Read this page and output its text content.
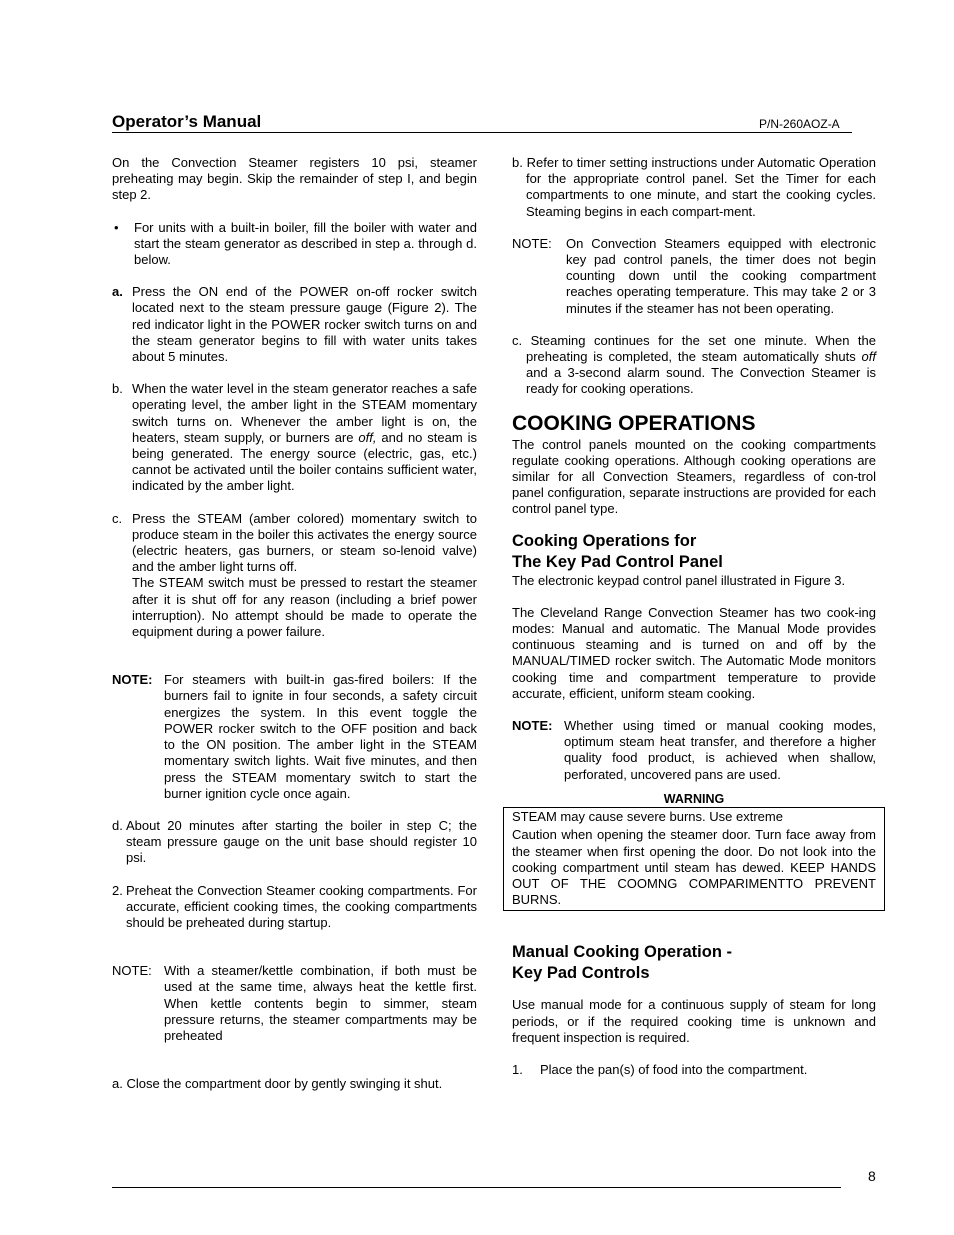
Operator’s Manual	P/N-260AOZ-A
On the Convection Steamer registers 10 psi, steamer preheating may begin. Skip the remainder of step I, and begin step 2.
•	For units with a built-in boiler, fill the boiler with water and start the steam generator as described in step a. through d. below.
a. Press the ON end of the POWER on-off rocker switch located next to the steam pressure gauge (Figure 2). The red indicator light in the POWER rocker switch turns on and the steam generator begins to fill with water units takes about 5 minutes.
b. When the water level in the steam generator reaches a safe operating level, the amber light in the STEAM momentary switch turns on. Whenever the amber light is on, the heaters, steam supply, or burners are off, and no steam is being generated. The energy source (electric, gas, etc.) cannot be activated until the boiler contains sufficient water, indicated by the amber light.
c. Press the STEAM (amber colored) momentary switch to produce steam in the boiler this activates the energy source (electric heaters, gas burners, or steam so-lenoid valve) and the amber light turns off.
The STEAM switch must be pressed to restart the steamer after it is shut off for any reason (including a brief power interruption). No attempt should be made to operate the equipment during a power failure.
NOTE: For steamers with built-in gas-fired boilers: If the burners fail to ignite in four seconds, a safety circuit energizes the system. In this event toggle the POWER rocker switch to the OFF position and back to the ON position. The amber light in the STEAM momentary switch lights. Wait five minutes, and then press the STEAM momentary switch to start the burner ignition cycle once again.
d. About 20 minutes after starting the boiler in step C; the steam pressure gauge on the unit base should register 10 psi.
2. Preheat the Convection Steamer cooking compartments. For accurate, efficient cooking times, the cooking compartments should be preheated during startup.
NOTE: With a steamer/kettle combination, if both must be used at the same time, always heat the kettle first. When kettle contents begin to simmer, steam pressure returns, the steamer compartments may be preheated
a. Close the compartment door by gently swinging it shut.
b. Refer to timer setting instructions under Automatic Operation for the appropriate control panel. Set the Timer for each compartments to one minute, and start the cooking cycles. Steaming begins in each compart-ment.
NOTE:	On Convection Steamers equipped with electronic key pad control panels, the timer does not begin counting down until the cooking compartment reaches operating temperature. This may take 2 or 3 minutes if the steamer has not been operating.
c. Steaming continues for the set one minute. When the preheating is completed, the steam automatically shuts off and a 3-second alarm sound. The Convection Steamer is ready for cooking operations.
COOKING OPERATIONS
The control panels mounted on the cooking compartments regulate cooking operations. Although cooking operations are similar for all Convection Steamers, regardless of con-trol panel configuration, separate instructions are provided for each control panel type.
Cooking Operations for
The Key Pad Control Panel
The electronic keypad control panel illustrated in Figure 3.
The Cleveland Range Convection Steamer has two cook-ing modes: Manual and automatic. The Manual Mode provides continuous steaming and is turned on and off by the MANUAL/TIMED rocker switch. The Automatic Mode monitors cooking time and compartment temperature to provide accurate, efficient, uniform steam cooking.
NOTE: Whether using timed or manual cooking modes, optimum steam heat transfer, and therefore a higher quality food product, is achieved when shallow, perforated, uncovered pans are used.
WARNING
STEAM may cause severe burns. Use extreme
Caution when opening the steamer door. Turn face away from the steamer when first opening the door. Do not look into the cooking compartment until steam has dewed. KEEP HANDS OUT OF THE COOMNG COMPARIMENTTO PREVENT BURNS.
Manual Cooking Operation -
Key Pad Controls
Use manual mode for a continuous supply of steam for long periods, or if the required cooking time is unknown and frequent inspection is required.
1.	Place the pan(s) of food into the compartment.
8
